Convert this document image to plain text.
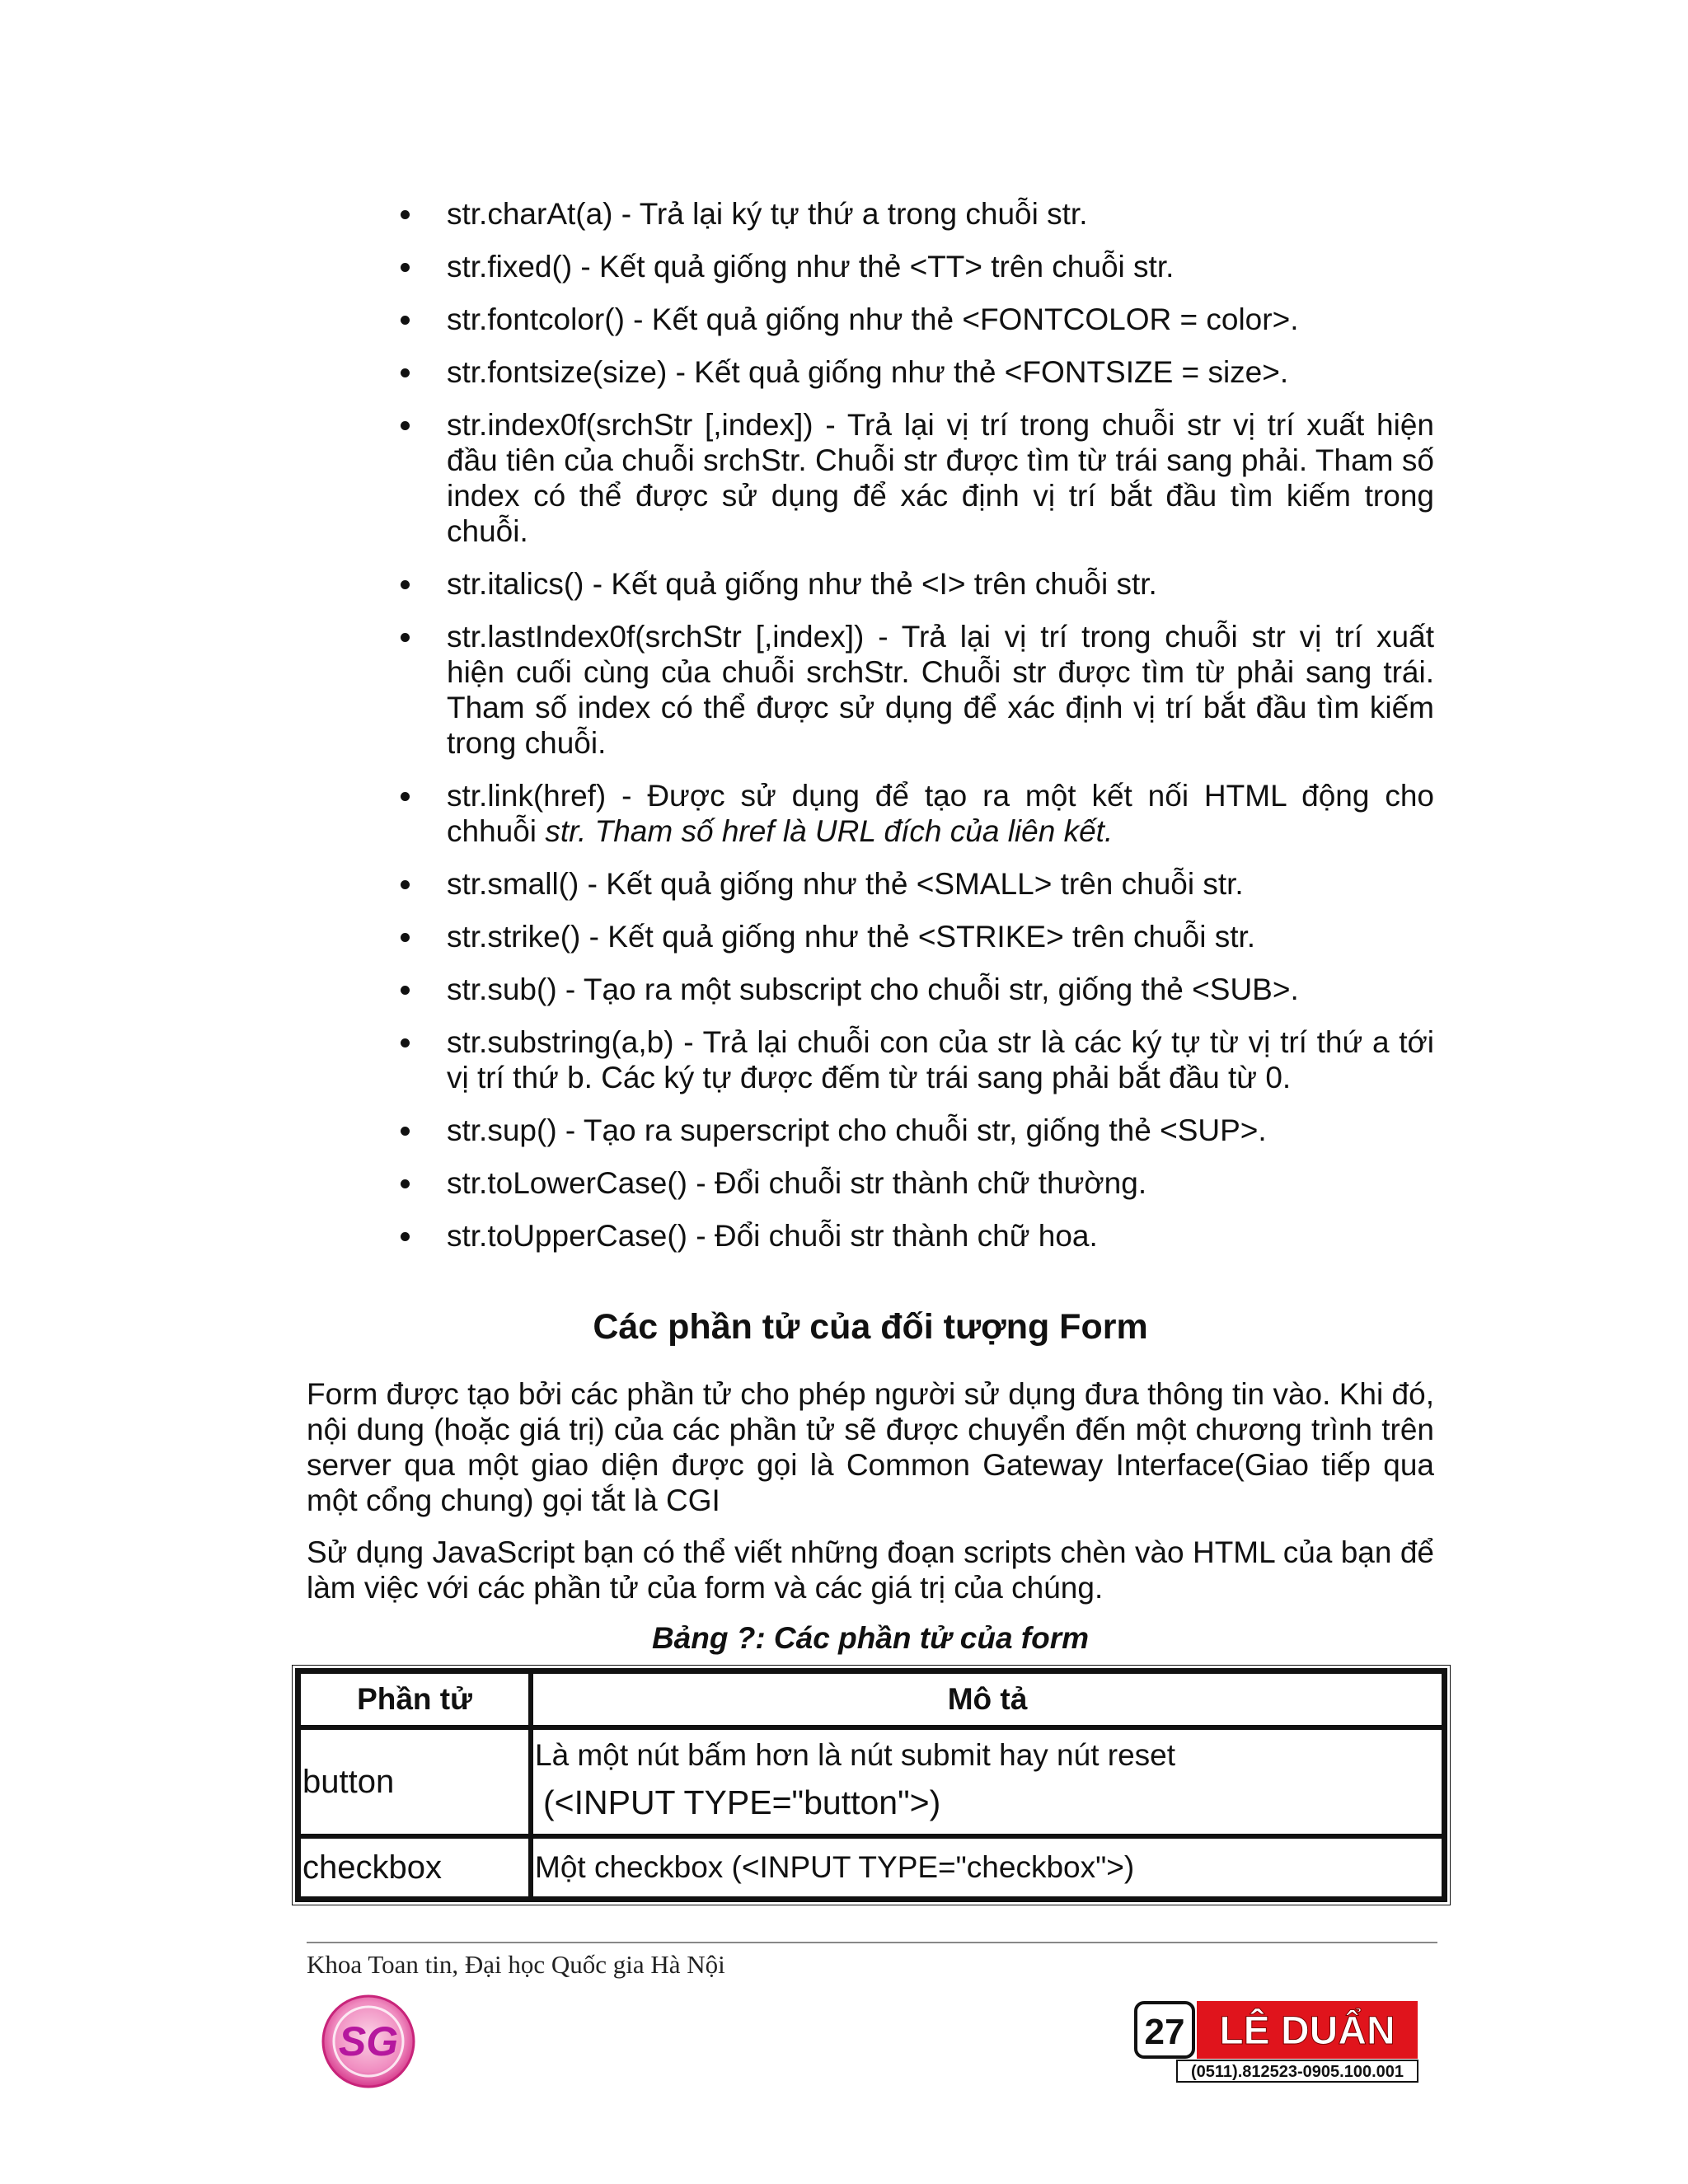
str.charAt(a) - Trả lại ký tự thứ a trong chuỗi str.
str.fixed() - Kết quả giống như thẻ <TT> trên chuỗi str.
str.fontcolor() - Kết quả giống như thẻ <FONTCOLOR = color>.
str.fontsize(size) - Kết quả giống như thẻ <FONTSIZE = size>.
str.index0f(srchStr [,index]) - Trả lại vị trí trong chuỗi str vị trí xuất hiện đầu tiên của chuỗi srchStr. Chuỗi str được tìm từ trái sang phải. Tham số index có thể được sử dụng để xác định vị trí bắt đầu tìm kiếm trong chuỗi.
str.italics() - Kết quả giống như thẻ <I> trên chuỗi str.
str.lastIndex0f(srchStr [,index]) - Trả lại vị trí trong chuỗi str vị trí xuất hiện cuối cùng của chuỗi srchStr. Chuỗi str được tìm từ phải sang trái. Tham số index có thể được sử dụng để xác định vị trí bắt đầu tìm kiếm trong chuỗi.
str.link(href) - Được sử dụng để tạo ra một kết nối HTML động cho chhuỗi str. Tham số href là URL đích của liên kết.
str.small() - Kết quả giống như thẻ <SMALL> trên chuỗi str.
str.strike() - Kết quả giống như thẻ <STRIKE> trên chuỗi str.
str.sub() - Tạo ra một subscript cho chuỗi str, giống thẻ <SUB>.
str.substring(a,b) - Trả lại chuỗi con của str là các ký tự từ vị trí thứ a tới vị trí thứ b. Các ký tự được đếm từ trái sang phải bắt đầu từ 0.
str.sup() - Tạo ra superscript cho chuỗi str, giống thẻ <SUP>.
str.toLowerCase() - Đổi chuỗi str thành chữ thường.
str.toUpperCase() - Đổi chuỗi str thành chữ hoa.
Các phần tử của đối tượng Form

Form được tạo bởi các phần tử cho phép người sử dụng đưa thông tin vào. Khi đó, nội dung (hoặc giá trị) của các phần tử sẽ được chuyển đến một chương trình trên server qua một giao diện được gọi là Common Gateway Interface(Giao tiếp qua một cổng chung) gọi tắt là CGI

Sử dụng JavaScript bạn có thể viết những đoạn scripts chèn vào HTML của bạn để làm việc với các phần tử của form và các giá trị của chúng.

Bảng ?: Các phần tử của form

Phần tử	Mô tả
button	Là một nút bấm hơn là nút submit hay nút reset
(<INPUT TYPE="button">)

checkbox	Một checkbox (<INPUT TYPE="checkbox">)

Khoa Toan tin, Đại học Quốc gia Hà Nội

SG	27 LÊ DUẨN
(0511).812523-0905.100.001
